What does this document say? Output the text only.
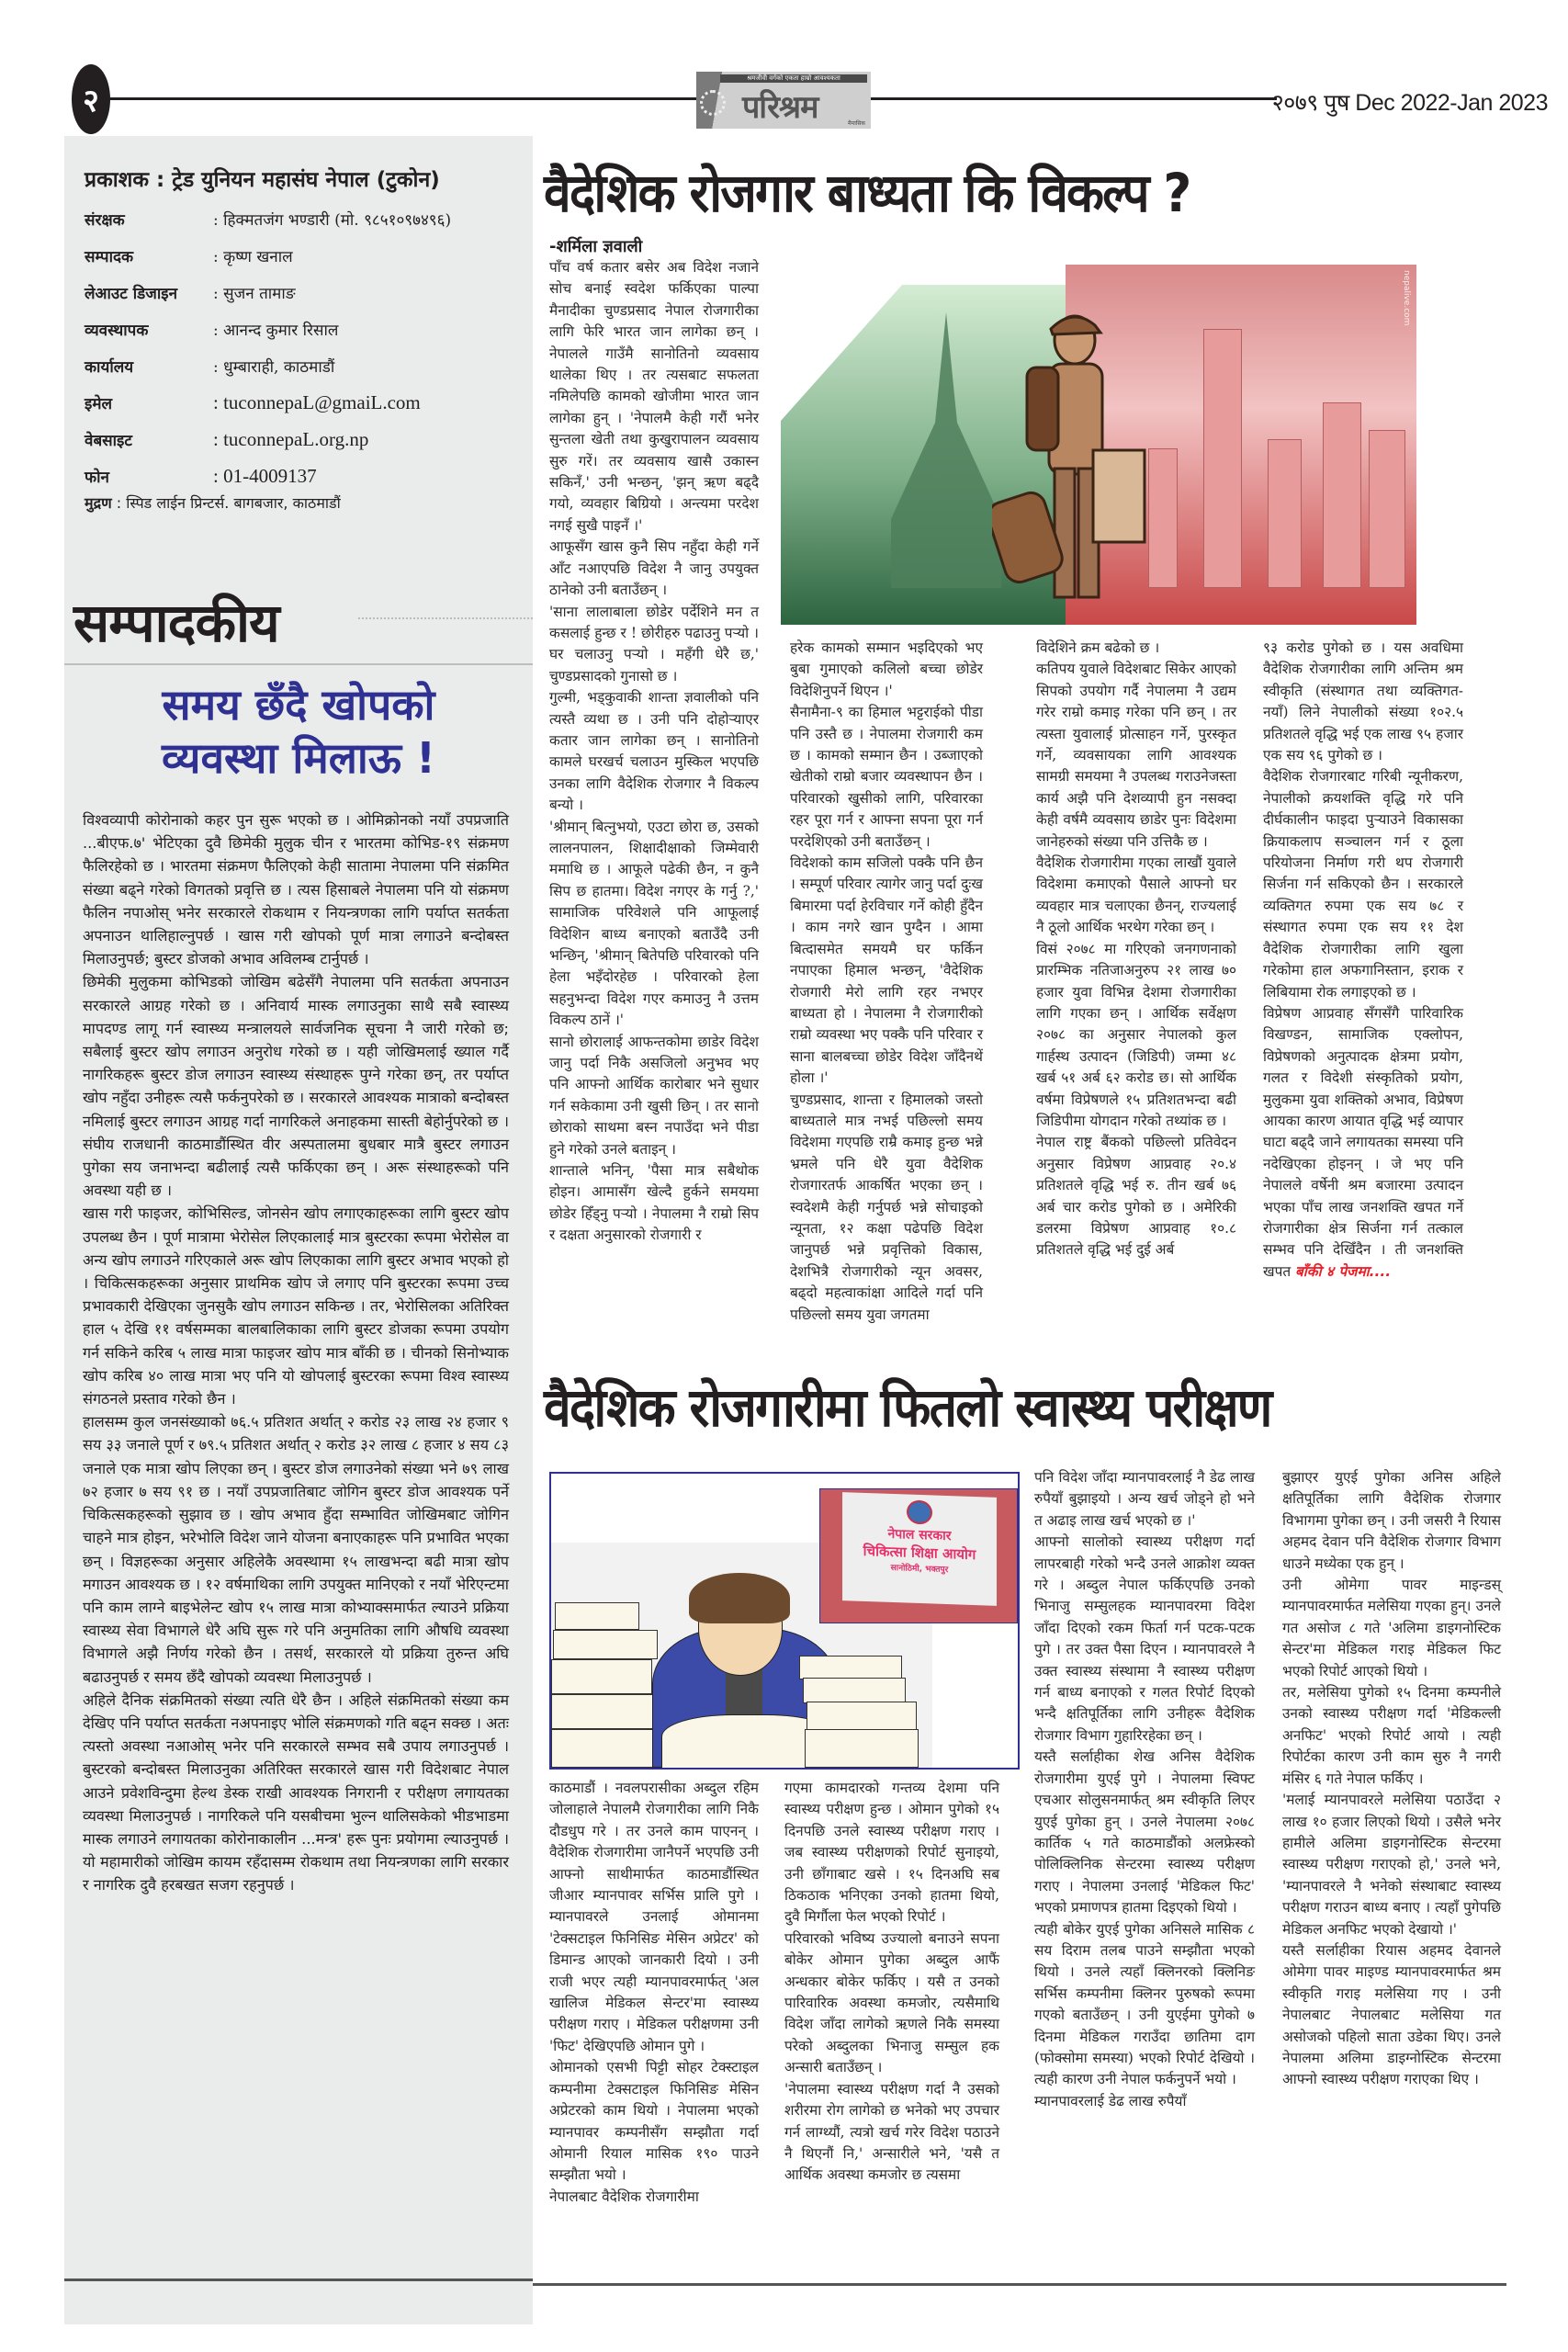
२
श्रमजीवी वर्गको एकता हाम्रो आवश्यकता
परिश्रम	मैमासिक
२०७९ पुष Dec 2022-Jan 2023
प्रकाशक : ट्रेड युनियन महासंघ नेपाल (टुकोन)
संरक्षक	: हिक्मतजंग भण्डारी (मो. ९८५१०९७४९६)
सम्पादक	: कृष्ण खनाल
लेआउट डिजाइन	: सुजन तामाङ
व्यवस्थापक	: आनन्द कुमार रिसाल
कार्यालय	: धुम्बाराही, काठमाडौं
इमेल	: tuconnepaL@gmaiL.com
वेबसाइट	: tuconnepaL.org.np
फोन	: 01-4009137
मुद्रण : स्पिड लाईन प्रिन्टर्स. बागबजार, काठमाडौं
सम्पादकीय
समय छँदै खोपको
व्यवस्था मिलाऊ !

विश्वव्यापी कोरोनाको कहर पुन सुरू भएको छ । ओमिक्रोनको नयाँ उपप्रजाति ...बीएफ.७' भेटिएका दुवै छिमेकी मुलुक चीन र भारतमा कोभिड-१९ संक्रमण फैलिरहेको छ । भारतमा संक्रमण फैलिएको केही सातामा नेपालमा पनि संक्रमित संख्या बढ्ने गरेको विगतको प्रवृत्ति छ । त्यस हिसाबले नेपालमा पनि यो संक्रमण फैलिन नपाओस् भनेर सरकारले रोकथाम र नियन्त्रणका लागि पर्याप्त सतर्कता अपनाउन थालिहाल्नुपर्छ । खास गरी खोपको पूर्ण मात्रा लगाउने बन्दोबस्त मिलाउनुपर्छ; बुस्टर डोजको अभाव अविलम्ब टार्नुपर्छ ।

छिमेकी मुलुकमा कोभिडको जोखिम बढेसँगै नेपालमा पनि सतर्कता अपनाउन सरकारले आग्रह गरेको छ । अनिवार्य मास्क लगाउनुका साथै सबै स्वास्थ्य मापदण्ड लागू गर्न स्वास्थ्य मन्त्रालयले सार्वजनिक सूचना नै जारी गरेको छ; सबैलाई बुस्टर खोप लगाउन अनुरोध गरेको छ । यही जोखिमलाई ख्याल गर्दै नागरिकहरू बुस्टर डोज लगाउन स्वास्थ्य संस्थाहरू पुग्ने गरेका छन्, तर पर्याप्त खोप नहुँदा उनीहरू त्यसै फर्कनुपरेको छ । सरकारले आवश्यक मात्राको बन्दोबस्त नमिलाई बुस्टर लगाउन आग्रह गर्दा नागरिकले अनाहकमा सास्ती बेहोर्नुपरेको छ । संघीय राजधानी काठमाडौंस्थित वीर अस्पतालमा बुधबार मात्रै बुस्टर लगाउन पुगेका सय जनाभन्दा बढीलाई त्यसै फर्किएका छन् । अरू संस्थाहरूको पनि अवस्था यही छ ।

खास गरी फाइजर, कोभिसिल्ड, जोनसेन खोप लगाएकाहरूका लागि बुस्टर खोप उपलब्ध छैन । पूर्ण मात्रामा भेरोसेल लिएकालाई मात्र बुस्टरका रूपमा भेरोसेल वा अन्य खोप लगाउने गरिएकाले अरू खोप लिएकाका लागि बुस्टर अभाव भएको हो । चिकित्सकहरूका अनुसार प्राथमिक खोप जे लगाए पनि बुस्टरका रूपमा उच्च प्रभावकारी देखिएका जुनसुकै खोप लगाउन सकिन्छ । तर, भेरोसिलका अतिरिक्त हाल ५ देखि ११ वर्षसम्मका बालबालिकाका लागि बुस्टर डोजका रूपमा उपयोग गर्न सकिने करिब ५ लाख मात्रा फाइजर खोप मात्र बाँकी छ । चीनको सिनोभ्याक खोप करिब ४० लाख मात्रा भए पनि यो खोपलाई बुस्टरका रूपमा विश्व स्वास्थ्य संगठनले प्रस्ताव गरेको छैन ।

हालसम्म कुल जनसंख्याको ७६.५ प्रतिशत अर्थात् २ करोड २३ लाख २४ हजार ९ सय ३३ जनाले पूर्ण र ७९.५ प्रतिशत अर्थात् २ करोड ३२ लाख ८ हजार ४ सय ८३ जनाले एक मात्रा खोप लिएका छन् । बुस्टर डोज लगाउनेको संख्या भने ७९ लाख ७२ हजार ७ सय ९१ छ । नयाँ उपप्रजातिबाट जोगिन बुस्टर डोज आवश्यक पर्ने चिकित्सकहरूको सुझाव छ । खोप अभाव हुँदा सम्भावित जोखिमबाट जोगिन चाहने मात्र होइन, भरेभोलि विदेश जाने योजना बनाएकाहरू पनि प्रभावित भएका छन् । विज्ञहरूका अनुसार अहिलेकै अवस्थामा १५ लाखभन्दा बढी मात्रा खोप मगाउन आवश्यक छ । १२ वर्षमाथिका लागि उपयुक्त मानिएको र नयाँ भेरिएन्टमा पनि काम लाग्ने बाइभेलेन्ट खोप १५ लाख मात्रा कोभ्याक्समार्फत ल्याउने प्रक्रिया स्वास्थ्य सेवा विभागले धेरै अघि सुरू गरे पनि अनुमतिका लागि औषधि व्यवस्था विभागले अझै निर्णय गरेको छैन । तसर्थ, सरकारले यो प्रक्रिया तुरुन्त अघि बढाउनुपर्छ र समय छँदै खोपको व्यवस्था मिलाउनुपर्छ ।

अहिले दैनिक संक्रमितको संख्या त्यति धेरै छैन । अहिले संक्रमितको संख्या कम देखिए पनि पर्याप्त सतर्कता नअपनाइए भोलि संक्रमणको गति बढ्न सक्छ । अतः त्यस्तो अवस्था नआओस् भनेर पनि सरकारले सम्भव सबै उपाय लगाउनुपर्छ । बुस्टरको बन्दोबस्त मिलाउनुका अतिरिक्त सरकारले खास गरी विदेशबाट नेपाल आउने प्रवेशविन्दुमा हेल्थ डेस्क राखी आवश्यक निगरानी र परीक्षण लगायतका व्यवस्था मिलाउनुपर्छ । नागरिकले पनि यसबीचमा भुल्न थालिसकेको भीडभाडमा मास्क लगाउने लगायतका कोरोनाकालीन ...मन्त्र' हरू पुनः प्रयोगमा ल्याउनुपर्छ । यो महामारीको जोखिम कायम रहँदासम्म रोकथाम तथा नियन्त्रणका लागि सरकार र नागरिक दुवै हरबखत सजग रहनुपर्छ ।

वैदेशिक रोजगार बाध्यता कि विकल्प ?
-शर्मिला ज्ञवाली

पाँच वर्ष कतार बसेर अब विदेश नजाने सोच बनाई स्वदेश फर्किएका पाल्पा मैनादीका चुण्डप्रसाद नेपाल रोजगारीका लागि फेरि भारत जान लागेका छन् । नेपालले गाउँमै सानोतिनो व्यवसाय थालेका थिए । तर त्यसबाट सफलता नमिलेपछि कामको खोजीमा भारत जान लागेका हुन् । 'नेपालमै केही गरौं भनेर सुन्तला खेती तथा कुखुरापालन व्यवसाय सुरु गरें। तर व्यवसाय खासै उकास्न सकिनँ,' उनी भन्छन्, 'झन् ऋण बढ्दै गयो, व्यवहार बिग्रियो । अन्त्यमा परदेश नगई सुखै पाइनँ ।'

आफूसँग खास कुनै सिप नहुँदा केही गर्ने आँट नआएपछि विदेश नै जानु उपयुक्त ठानेको उनी बताउँछन् ।

'साना लालाबाला छोडेर पर्देशिने मन त कसलाई हुन्छ र ! छोरीहरु पढाउनु पर्‍यो । घर चलाउनु पर्‍यो । महँगी धेरै छ,' चुण्डप्रसादको गुनासो छ ।

गुल्मी, भड्कुवाकी शान्ता ज्ञवालीको पनि त्यस्तै व्यथा छ । उनी पनि दोहोर्‍याएर कतार जान लागेका छन् । सानोतिनो कामले घरखर्च चलाउन मुस्किल भएपछि उनका लागि वैदेशिक रोजगार नै विकल्प बन्यो ।

'श्रीमान् बित्नुभयो, एउटा छोरा छ, उसको लालनपालन, शिक्षादीक्षाको जिम्मेवारी ममाथि छ । आफूले पढेकी छैन, न कुनै सिप छ हातमा। विदेश नगएर के गर्नु ?,' सामाजिक परिवेशले पनि आफूलाई विदेशिन बाध्य बनाएको बताउँदै उनी भन्छिन्, 'श्रीमान् बितेपछि परिवारको पनि हेला भइँदोरहेछ । परिवारको हेला सहनुभन्दा विदेश गएर कमाउनु नै उत्तम विकल्प ठानें ।'

सानो छोरालाई आफन्तकोमा छाडेर विदेश जानु पर्दा निकै असजिलो अनुभव भए पनि आफ्नो आर्थिक कारोबार भने सुधार गर्न सकेकामा उनी खुसी छिन् । तर सानो छोराको साथमा बस्न नपाउँदा भने पीडा हुने गरेको उनले बताइन् ।

शान्ताले भनिन्, 'पैसा मात्र सबैथोक होइन। आमासँग खेल्दै हुर्कने समयमा छोडेर हिँड्नु पर्‍यो । नेपालमा नै राम्रो सिप र दक्षता अनुसारको रोजगारी र

nepalive.com

हरेक कामको सम्मान भइदिएको भए बुबा गुमाएको कलिलो बच्चा छोडेर विदेशिनुपर्ने थिएन ।'

सैनामैना-९ का हिमाल भट्टराईको पीडा पनि उस्तै छ । नेपालमा रोजगारी कम छ । कामको सम्मान छैन । उब्जाएको खेतीको राम्रो बजार व्यवस्थापन छैन । परिवारको खुसीको लागि, परिवारका रहर पूरा गर्न र आफ्ना सपना पूरा गर्न परदेशिएको उनी बताउँछन् ।

विदेशको काम सजिलो पक्कै पनि छैन । सम्पूर्ण परिवार त्यागेर जानु पर्दा दुःख बिमारमा पर्दा हेरविचार गर्ने कोही हुँदैन । काम नगरे खान पुग्दैन । आमा बित्दासमेत समयमै घर फर्किन नपाएका हिमाल भन्छन्, 'वैदेशिक रोजगारी मेरो लागि रहर नभएर बाध्यता हो । नेपालमा नै रोजगारीको राम्रो व्यवस्था भए पक्कै पनि परिवार र साना बालबच्चा छोडेर विदेश जाँदैनथें होला ।'

चुण्डप्रसाद, शान्ता र हिमालको जस्तो बाध्यताले मात्र नभई पछिल्लो समय विदेशमा गएपछि राम्रै कमाइ हुन्छ भन्ने भ्रमले पनि धेरै युवा वैदेशिक रोजगारतर्फ आकर्षित भएका छन् । स्वदेशमै केही गर्नुपर्छ भन्ने सोचाइको न्यूनता, १२ कक्षा पढेपछि विदेश जानुपर्छ भन्ने प्रवृत्तिको विकास, देशभित्रै रोजगारीको न्यून अवसर, बढ्दो महत्वाकांक्षा आदिले गर्दा पनि पछिल्लो समय युवा जगतमा

विदेशिने क्रम बढेको छ ।

कतिपय युवाले विदेशबाट सिकेर आएको सिपको उपयोग गर्दै नेपालमा नै उद्यम गरेर राम्रो कमाइ गरेका पनि छन् । तर त्यस्ता युवालाई प्रोत्साहन गर्ने, पुरस्कृत गर्ने, व्यवसायका लागि आवश्यक सामग्री समयमा नै उपलब्ध गराउनेजस्ता कार्य अझै पनि देशव्यापी हुन नसक्दा केही वर्षमै व्यवसाय छाडेर पुनः विदेशमा जानेहरुको संख्या पनि उत्तिकै छ ।

वैदेशिक रोजगारीमा गएका लाखौं युवाले विदेशमा कमाएको पैसाले आफ्नो घर व्यवहार मात्र चलाएका छैनन्, राज्यलाई नै ठूलो आर्थिक भरथेग गरेका छन् ।

विसं २०७८ मा गरिएको जनगणनाको प्रारम्भिक नतिजाअनुरुप २१ लाख ७० हजार युवा विभिन्न देशमा रोजगारीका लागि गएका छन् । आर्थिक सर्वेक्षण २०७८ का अनुसार नेपालको कुल गार्हस्थ उत्पादन (जिडिपी) जम्मा ४८ खर्ब ५१ अर्ब ६२ करोड छ। सो आर्थिक वर्षमा विप्रेषणले १५ प्रतिशतभन्दा बढी जिडिपीमा योगदान गरेको तथ्यांक छ ।

नेपाल राष्ट्र बैंकको पछिल्लो प्रतिवेदन अनुसार विप्रेषण आप्रवाह २०.४ प्रतिशतले वृद्धि भई रु. तीन खर्ब ७६ अर्ब चार करोड पुगेको छ । अमेरिकी डलरमा विप्रेषण आप्रवाह १०.८ प्रतिशतले वृद्धि भई दुई अर्ब

९३ करोड पुगेको छ । यस अवधिमा वैदेशिक रोजगारीका लागि अन्तिम श्रम स्वीकृति (संस्थागत तथा व्यक्तिगत-नयाँ) लिने नेपालीको संख्या १०२.५ प्रतिशतले वृद्धि भई एक लाख ९५ हजार एक सय ९६ पुगेको छ ।

वैदेशिक रोजगारबाट गरिबी न्यूनीकरण, नेपालीको क्रयशक्ति वृद्धि गरे पनि दीर्घकालीन फाइदा पुर्‍याउने विकासका क्रियाकलाप सञ्चालन गर्न र ठूला परियोजना निर्माण गरी थप रोजगारी सिर्जना गर्न सकिएको छैन । सरकारले व्यक्तिगत रुपमा एक सय ७८ र संस्थागत रुपमा एक सय ११ देश वैदेशिक रोजगारीका लागि खुला गरेकोमा हाल अफगानिस्तान, इराक र लिबियामा रोक लगाइएको छ ।

विप्रेषण आप्रवाह सँगसँगै पारिवारिक विखण्डन, सामाजिक एक्लोपन, विप्रेषणको अनुत्पादक क्षेत्रमा प्रयोग, गलत र विदेशी संस्कृतिको प्रयोग, मुलुकमा युवा शक्तिको अभाव, विप्रेषण आयका कारण आयात वृद्धि भई व्यापार घाटा बढ्दै जाने लगायतका समस्या पनि नदेखिएका होइनन् । जे भए पनि नेपालले वर्षेनी श्रम बजारमा उत्पादन भएका पाँच लाख जनशक्ति खपत गर्ने रोजगारीका क्षेत्र सिर्जना गर्न तत्काल सम्भव पनि देखिँदैन । ती जनशक्ति खपत बाँकी ४ पेजमा....

वैदेशिक रोजगारीमा फितलो स्वास्थ्य परीक्षण
नेपाल सरकार
चिकित्सा शिक्षा आयोग
सानोठिमी, भक्तपुर

काठमाडौं । नवलपरासीका अब्दुल रहिम जोलाहाले नेपालमै रोजगारीका लागि निकै दौडधुप गरे । तर उनले काम पाएनन् । वैदेशिक रोजगारीमा जानैपर्ने भएपछि उनी आफ्नो साथीमार्फत काठमाडौंस्थित जीआर म्यानपावर सर्भिस प्रालि पुगे । म्यानपावरले उनलाई ओमानमा 'टेक्सटाइल फिनिसिङ मेसिन अप्रेटर' को डिमान्ड आएको जानकारी दियो । उनी राजी भएर त्यही म्यानपावरमार्फत् 'अल खालिज मेडिकल सेन्टर'मा स्वास्थ्य परीक्षण गराए । मेडिकल परीक्षणमा उनी 'फिट' देखिएपछि ओमान पुगे ।

ओमानको एसभी पिट्टी सोहर टेक्स्टाइल कम्पनीमा टेक्सटाइल फिनिसिङ मेसिन अप्रेटरको काम थियो । नेपालमा भएको म्यानपावर कम्पनीसँग सम्झौता गर्दा ओमानी रियाल मासिक १९० पाउने सम्झौता भयो ।

नेपालबाट वैदेशिक रोजगारीमा

गएमा कामदारको गन्तव्य देशमा पनि स्वास्थ्य परीक्षण हुन्छ । ओमान पुगेको १५ दिनपछि उनले स्वास्थ्य परीक्षण गराए । जब स्वास्थ्य परीक्षणको रिपोर्ट सुनाइयो, उनी छाँगाबाट खसे । १५ दिनअघि सब ठिकठाक भनिएका उनको हातमा थियो, दुवै मिर्गौला फेल भएको रिपोर्ट ।

परिवारको भविष्य उज्यालो बनाउने सपना बोकेर ओमान पुगेका अब्दुल आफैं अन्धकार बोकेर फर्किए । यसै त उनको पारिवारिक अवस्था कमजोर, त्यसैमाथि विदेश जाँदा लागेको ऋणले निकै समस्या परेको अब्दुलका भिनाजु सम्सुल हक अन्सारी बताउँछन् ।

'नेपालमा स्वास्थ्य परीक्षण गर्दा नै उसको शरीरमा रोग लागेको छ भनेको भए उपचार गर्न लाग्थ्यौं, त्यत्रो खर्च गरेर विदेश पठाउने नै थिएनौं नि,' अन्सारीले भने, 'यसै त आर्थिक अवस्था कमजोर छ त्यसमा

पनि विदेश जाँदा म्यानपावरलाई नै डेढ लाख रुपैयाँ बुझाइयो । अन्य खर्च जोड्ने हो भने त अढाइ लाख खर्च भएको छ ।'

आफ्नो सालोको स्वास्थ्य परीक्षण गर्दा लापरबाही गरेको भन्दै उनले आक्रोश व्यक्त गरे । अब्दुल नेपाल फर्किएपछि उनको भिनाजु सम्सुलहक म्यानपावरमा विदेश जाँदा दिएको रकम फिर्ता गर्न पटक-पटक पुगे । तर उक्त पैसा दिएन । म्यानपावरले नै उक्त स्वास्थ्य संस्थामा नै स्वास्थ्य परीक्षण गर्न बाध्य बनाएको र गलत रिपोर्ट दिएको भन्दै क्षतिपूर्तिका लागि उनीहरू वैदेशिक रोजगार विभाग गुहारिरहेका छन् ।

यस्तै सर्लाहीका शेख अनिस वैदेशिक रोजगारीमा युएई पुगे । नेपालमा स्विफ्ट एचआर सोलुसनमार्फत् श्रम स्वीकृति लिएर युएई पुगेका हुन् । उनले नेपालमा २०७८ कार्तिक ५ गते काठमाडौंको अलफ्रेस्को पोलिक्लिनिक सेन्टरमा स्वास्थ्य परीक्षण गराए । नेपालमा उनलाई 'मेडिकल फिट' भएको प्रमाणपत्र हातमा दिइएको थियो ।

त्यही बोकेर युएई पुगेका अनिसले मासिक ८ सय दिराम तलब पाउने सम्झौता भएको थियो । उनले त्यहाँ क्लिनरको क्लिनिङ सर्भिस कम्पनीमा क्लिनर पुरुषको रूपमा गएको बताउँछन् । उनी युएईमा पुगेको ७ दिनमा मेडिकल गराउँदा छातिमा दाग (फोक्सोमा समस्या) भएको रिपोर्ट देखियो । त्यही कारण उनी नेपाल फर्कनुपर्ने भयो ।

म्यानपावरलाई डेढ लाख रुपैयाँ

बुझाएर युएई पुगेका अनिस अहिले क्षतिपूर्तिका लागि वैदेशिक रोजगार विभागमा पुगेका छन् । उनी जसरी नै रियास अहमद देवान पनि वैदेशिक रोजगार विभाग धाउने मध्येका एक हुन् ।

उनी ओमेगा पावर माइन्डस् म्यानपावरमार्फत मलेसिया गएका हुन्। उनले गत असोज ८ गते 'अलिमा डाइगनोस्टिक सेन्टर'मा मेडिकल गराइ मेडिकल फिट भएको रिपोर्ट आएको थियो ।

तर, मलेसिया पुगेको १५ दिनमा कम्पनीले उनको स्वास्थ्य परीक्षण गर्दा 'मेडिकल्ली अनफिट' भएको रिपोर्ट आयो । त्यही रिपोर्टका कारण उनी काम सुरु नै नगरी मंसिर ६ गते नेपाल फर्किए ।

'मलाई म्यानपावरले मलेसिया पठाउँदा २ लाख १० हजार लिएको थियो । उसैले भनेर हामीले अलिमा डाइगनोस्टिक सेन्टरमा स्वास्थ्य परीक्षण गराएको हो,' उनले भने, 'म्यानपावरले नै भनेको संस्थाबाट स्वास्थ्य परीक्षण गराउन बाध्य बनाए । त्यहाँ पुगेपछि मेडिकल अनफिट भएको देखायो ।'

यस्तै सर्लाहीका रियास अहमद देवानले ओमेगा पावर माइण्ड म्यानपावरमार्फत श्रम स्वीकृति गराइ मलेसिया गए । उनी नेपालबाट नेपालबाट मलेसिया गत असोजको पहिलो साता उडेका थिए। उनले नेपालमा अलिमा डाइग्नोस्टिक सेन्टरमा आफ्नो स्वास्थ्य परीक्षण गराएका थिए ।
